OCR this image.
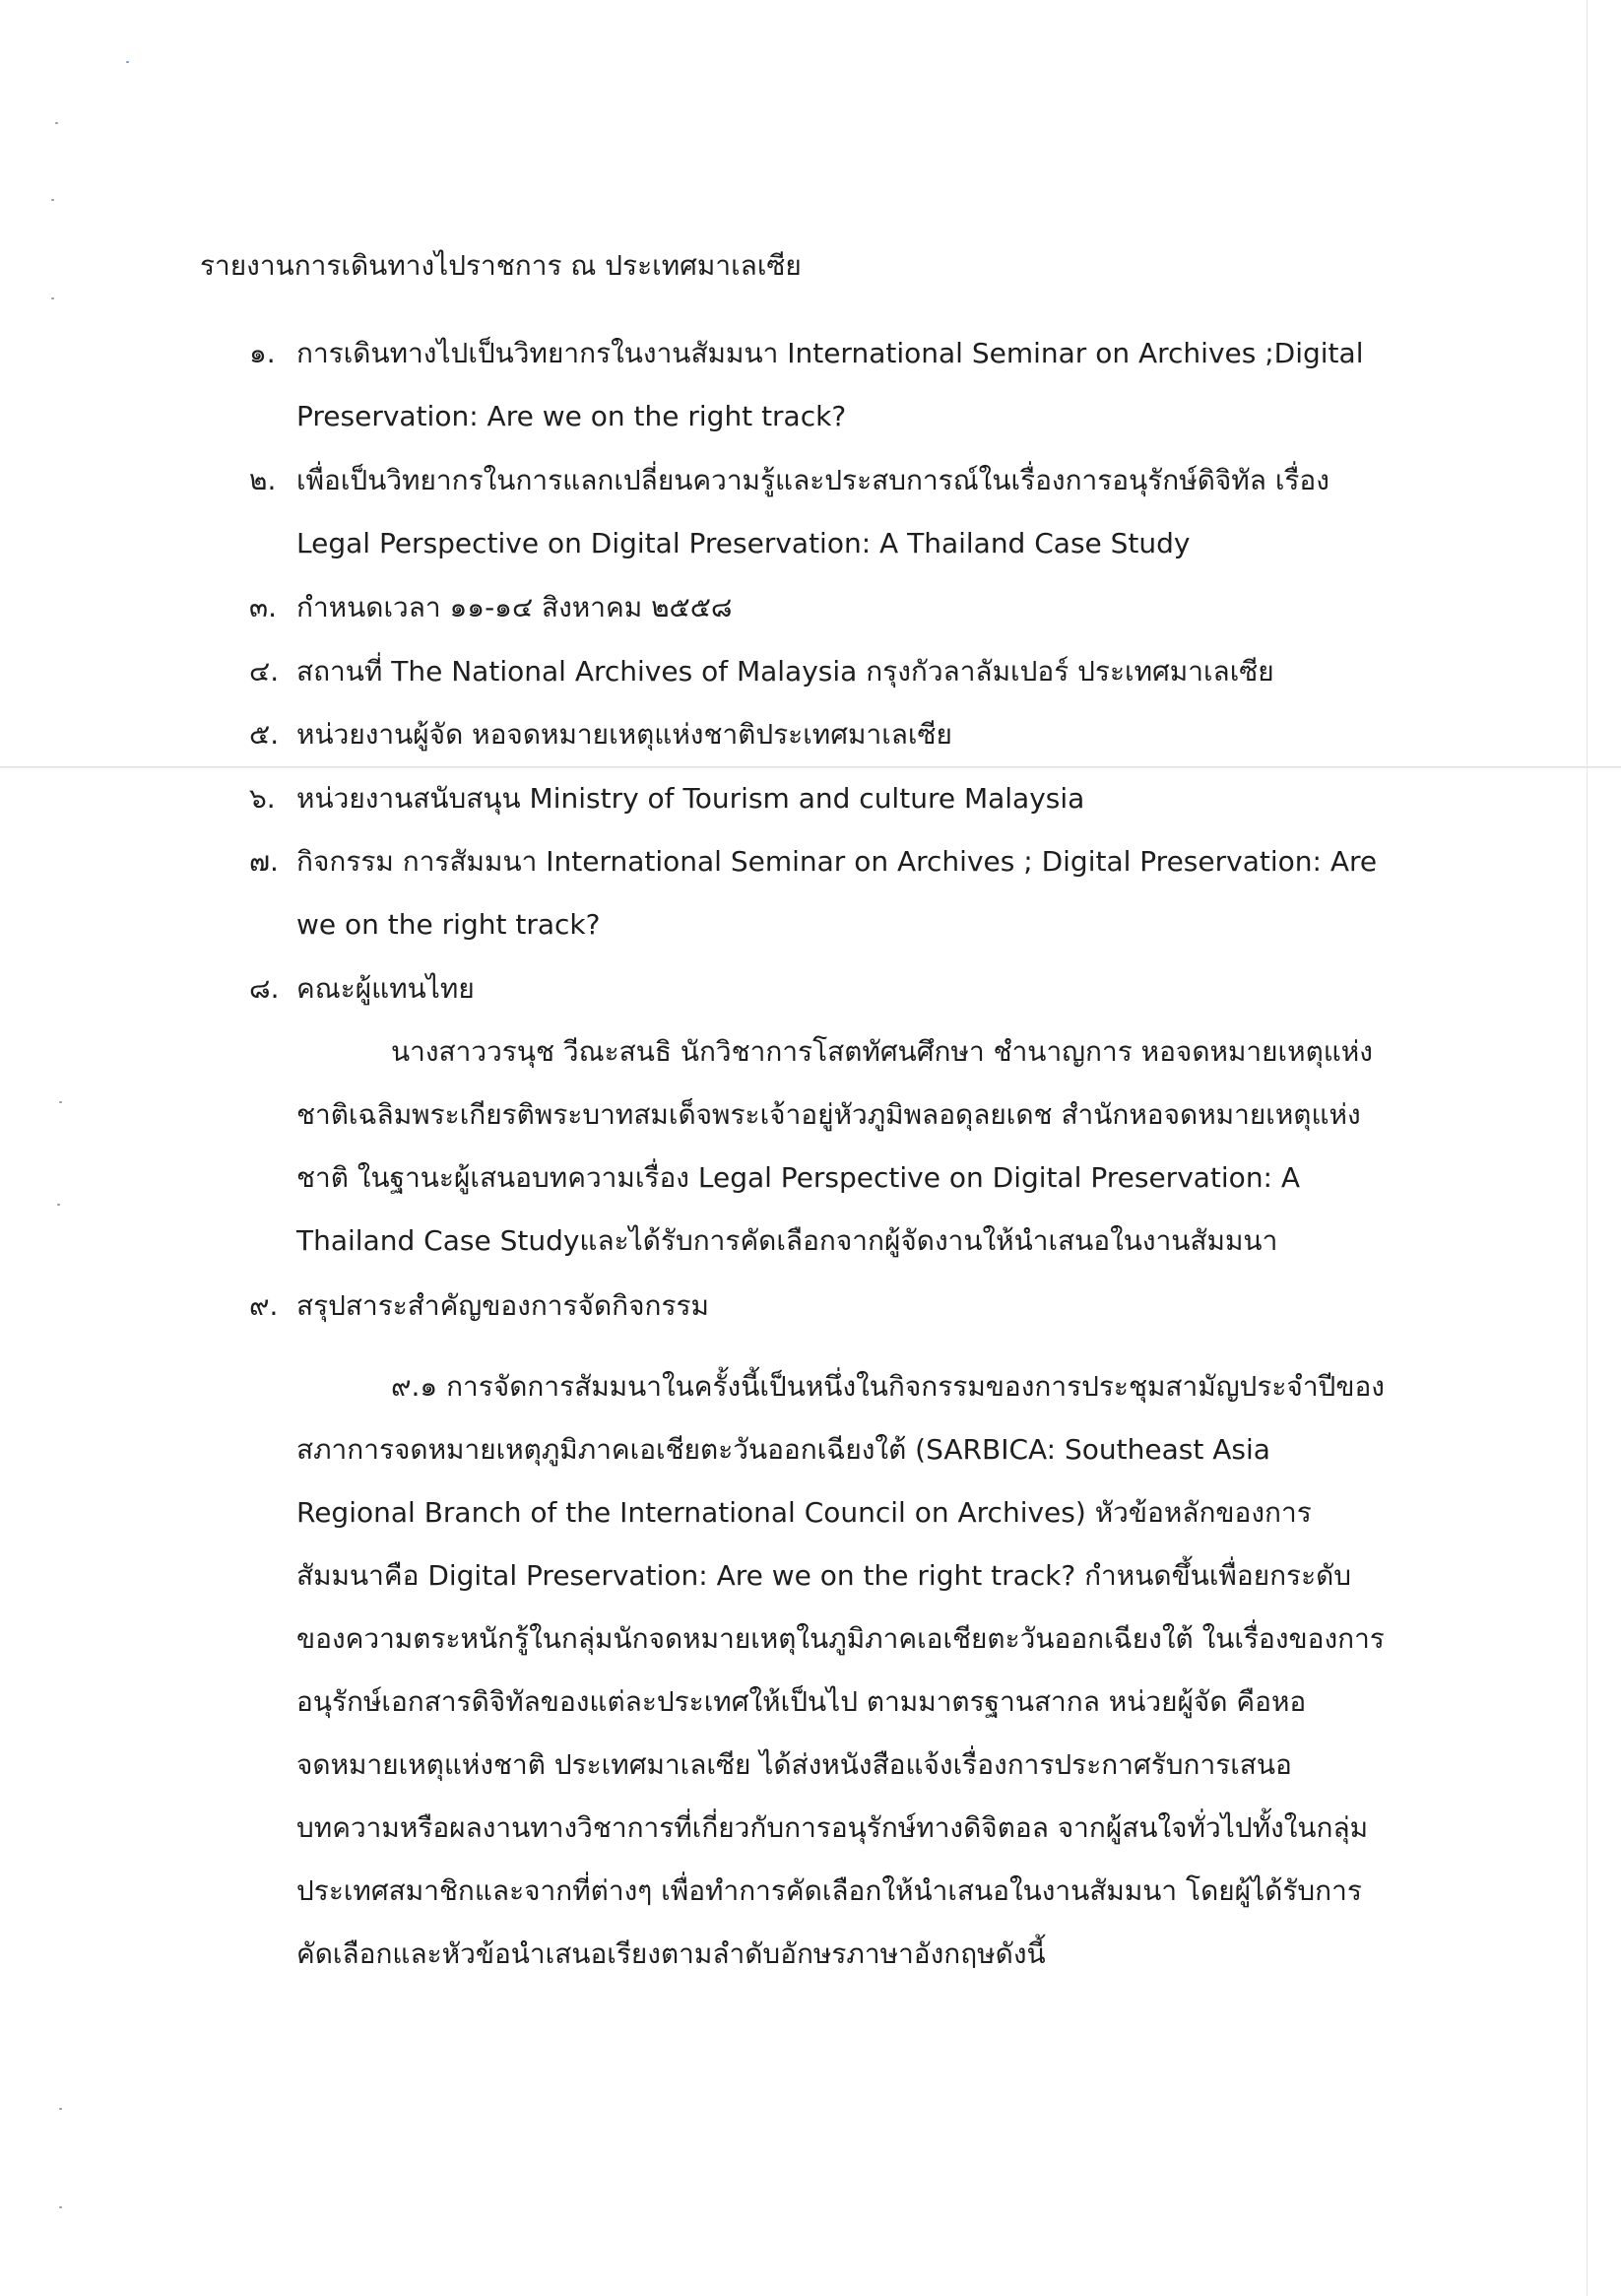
รายงานการเดินทางไปราชการ ณ ประเทศมาเลเซีย
๑. การเดินทางไปเป็นวิทยากรในงานสัมมนา International Seminar on Archives ;Digital Preservation: Are we on the right track?
๒. เพื่อเป็นวิทยากรในการแลกเปลี่ยนความรู้และประสบการณ์ในเรื่องการอนุรักษ์ดิจิทัล เรื่อง Legal Perspective on Digital Preservation: A Thailand Case Study
๓. กำหนดเวลา ๑๑-๑๔ สิงหาคม ๒๕๕๘
๔. สถานที่ The National Archives of Malaysia กรุงกัวลาลัมเปอร์ ประเทศมาเลเซีย
๕. หน่วยงานผู้จัด หอจดหมายเหตุแห่งชาติประเทศมาเลเซีย
๖. หน่วยงานสนับสนุน Ministry of Tourism and culture Malaysia
๗. กิจกรรม การสัมมนา International Seminar on Archives ; Digital Preservation: Are we on the right track?
๘. คณะผู้แทนไทย
นางสาววรนุช วีณะสนธิ นักวิชาการโสตทัศนศึกษา ชำนาญการ หอจดหมายเหตุแห่งชาติเฉลิมพระเกียรติพระบาทสมเด็จพระเจ้าอยู่หัวภูมิพลอดุลยเดช สำนักหอจดหมายเหตุแห่งชาติ ในฐานะผู้เสนอบทความเรื่อง Legal Perspective on Digital Preservation: A Thailand Case Studyและได้รับการคัดเลือกจากผู้จัดงานให้นำเสนอในงานสัมมนา
๙. สรุปสาระสำคัญของการจัดกิจกรรม
๙.๑ การจัดการสัมมนาในครั้งนี้เป็นหนึ่งในกิจกรรมของการประชุมสามัญประจำปีของ สภาการจดหมายเหตุภูมิภาคเอเชียตะวันออกเฉียงใต้ (SARBICA: Southeast Asia Regional Branch of the International Council on Archives) หัวข้อหลักของการสัมมนาคือ Digital Preservation: Are we on the right track? กำหนดขึ้นเพื่อยกระดับของความตระหนักรู้ในกลุ่มนักจดหมายเหตุในภูมิภาคเอเชียตะวันออกเฉียงใต้ ในเรื่องของการอนุรักษ์เอกสารดิจิทัลของแต่ละประเทศให้เป็นไป ตามมาตรฐานสากล หน่วยผู้จัด คือหอจดหมายเหตุแห่งชาติ ประเทศมาเลเซีย ได้ส่งหนังสือแจ้งเรื่องการประกาศรับการเสนอบทความหรือผลงานทางวิชาการที่เกี่ยวกับการอนุรักษ์ทางดิจิตอล จากผู้สนใจทั่วไปทั้งในกลุ่มประเทศสมาชิกและจากที่ต่างๆ เพื่อทำการคัดเลือกให้นำเสนอในงานสัมมนา โดยผู้ได้รับการคัดเลือกและหัวข้อนำเสนอเรียงตามลำดับอักษรภาษาอังกฤษดังนี้
